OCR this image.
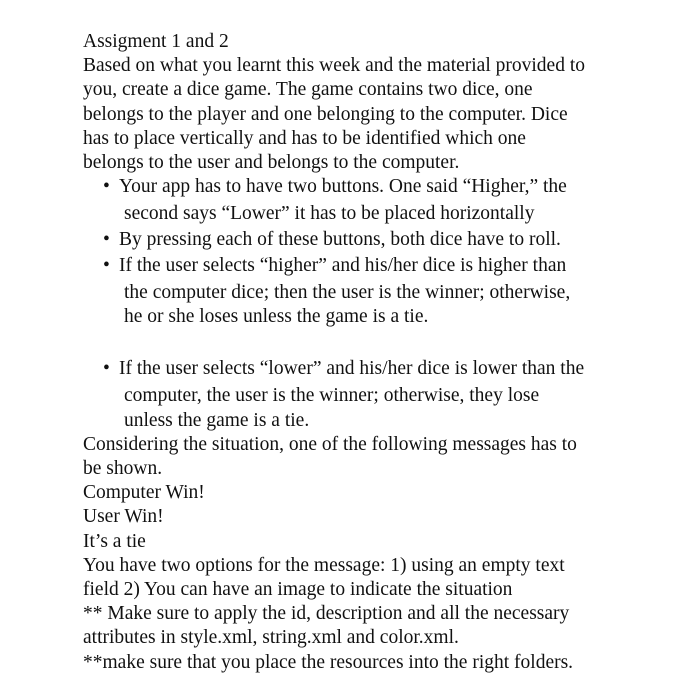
Assigment 1 and 2
Based on what you learnt this week and the material provided to
you, create a dice game. The game contains two dice, one
belongs to the player and one belonging to the computer. Dice
has to place vertically and has to be identified which one
belongs to the user and belongs to the computer.
• Your app has to have two buttons. One said “Higher,” the
second says “Lower” it has to be placed horizontally
• By pressing each of these buttons, both dice have to roll.
• If the user selects “higher” and his/her dice is higher than
the computer dice; then the user is the winner; otherwise,
he or she loses unless the game is a tie.
• If the user selects “lower” and his/her dice is lower than the
computer, the user is the winner; otherwise, they lose
unless the game is a tie.
Considering the situation, one of the following messages has to
be shown.
Computer Win!
User Win!
It’s a tie
You have two options for the message: 1) using an empty text
field 2) You can have an image to indicate the situation
** Make sure to apply the id, description and all the necessary
attributes in style.xml, string.xml and color.xml.
**make sure that you place the resources into the right folders.
